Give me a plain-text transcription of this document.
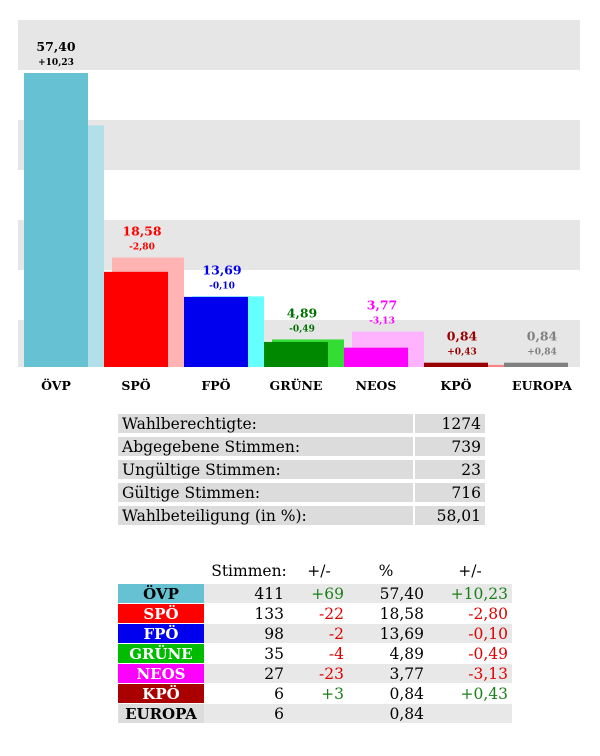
57,40
+10,23
ÖVP
18,58
-2,80
SPÖ
13,69
-0,10
FPÖ
4,89
-0,49
GRÜNE
3,77
-3,13
NEOS
0,84
+0,43
KPÖ
0,84
+0,84
EUROPA
Wahlberechtigte:		1274
Abgegebene Stimmen:		739
Ungültige Stimmen:		23
Gültige Stimmen:		716
Wahlbeteiligung (in %):		58,01
	Stimmen:	+/-	%	+/-
ÖVP	411	+69	57,40	+10,23
SPÖ	133	-22	18,58	-2,80
FPÖ	98	-2	13,69	-0,10
GRÜNE	35	-4	4,89	-0,49
NEOS	27	-23	3,77	-3,13
KPÖ	6	+3	0,84	+0,43
EUROPA	6		0,84	
